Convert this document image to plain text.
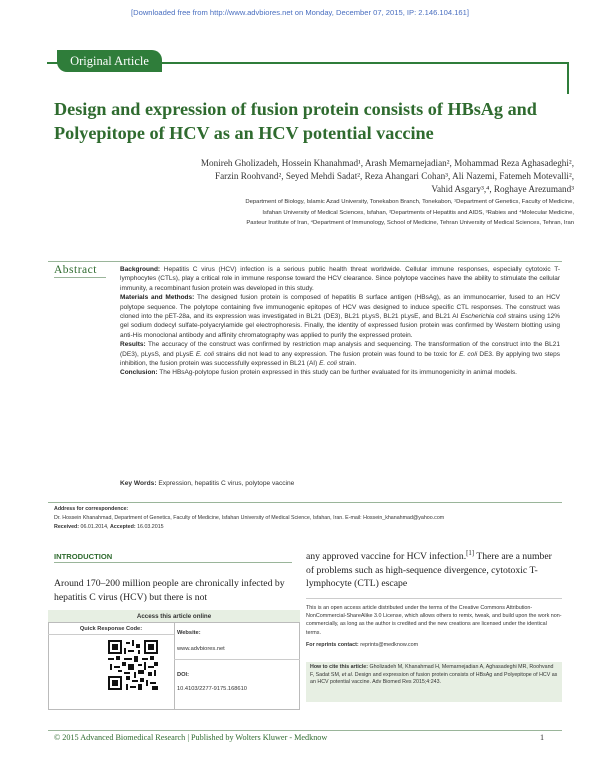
[Downloaded free from http://www.advbiores.net on Monday, December 07, 2015, IP: 2.146.104.161]
Original Article
Design and expression of fusion protein consists of HBsAg and Polyepitope of HCV as an HCV potential vaccine
Monireh Gholizadeh, Hossein Khanahmad¹, Arash Memarnejadian², Mohammad Reza Aghasadeghi²,
Farzin Roohvand², Seyed Mehdi Sadat², Reza Ahangari Cohan³, Ali Nazemi, Fatemeh Motevalli²,
Vahid Asgary³,⁴, Roghaye Arezumand³
Department of Biology, Islamic Azad University, Tonekabon Branch, Tonekabon, ¹Department of Genetics, Faculty of Medicine,
Isfahan University of Medical Sciences, Isfahan, ²Departments of Hepatitis and AIDS, ³Rabies and ⁴Molecular Medicine,
Pasteur Institute of Iran, ⁴Department of Immunology, School of Medicine, Tehran University of Medical Sciences, Tehran, Iran
Abstract	Background: Hepatitis C virus (HCV) infection is a serious public health threat worldwide. Cellular immune responses, especially cytotoxic T-lymphocytes (CTLs), play a critical role in immune response toward the HCV clearance. Since polytope vaccines have the ability to stimulate the cellular immunity, a recombinant fusion protein was developed in this study.

Materials and Methods: The designed fusion protein is composed of hepatitis B surface antigen (HBsAg), as an immunocarrier, fused to an HCV polytope sequence. The polytope containing five immunogenic epitopes of HCV was designed to induce specific CTL responses. The construct was cloned into the pET-28a, and its expression was investigated in BL21 (DE3), BL21 pLysS, BL21 pLysE, and BL21 AI Escherichia coli strains using 12% gel sodium dodecyl sulfate-polyacrylamide gel electrophoresis. Finally, the identity of expressed fusion protein was confirmed by Western blotting using anti-His monoclonal antibody and affinity chromatography was applied to purify the expressed protein.

Results: The accuracy of the construct was confirmed by restriction map analysis and sequencing. The transformation of the construct into the BL21 (DE3), pLysS, and pLysE E. coli strains did not lead to any expression. The fusion protein was found to be toxic for E. coli DE3. By applying two steps inhibition, the fusion protein was successfully expressed in BL21 (AI) E. coli strain.

Conclusion: The HBsAg-polytope fusion protein expressed in this study can be further evaluated for its immunogenicity in animal models.

Key Words: Expression, hepatitis C virus, polytope vaccine
Address for correspondence:
Dr. Hossein Khanahmad, Department of Genetics, Faculty of Medicine, Isfahan University of Medical Science, Isfahan, Iran. E-mail: Hossein_khanahmad@yahoo.com
Received: 06.01.2014, Accepted: 16.03.2015
INTRODUCTION
Around 170–200 million people are chronically infected by hepatitis C virus (HCV) but there is not
any approved vaccine for HCV infection.[1] There are a number of problems such as high-sequence divergence, cytotoxic T-lymphocyte (CTL) escape
This is an open access article distributed under the terms of the Creative Commons Attribution-NonCommercial-ShareAlike 3.0 License, which allows others to remix, tweak, and build upon the work non-commercially, as long as the author is credited and the new creations are licensed under the identical terms.
For reprints contact: reprints@medknow.com
How to cite this article: Gholizadeh M, Khanahmad H, Memarnejadian A, Aghasadeghi MR, Roohvand F, Sadat SM, et al. Design and expression of fusion protein consists of HBsAg and Polyepitope of HCV as an HCV potential vaccine. Adv Biomed Res 2015;4:243.
Access this article online
Quick Response Code:
Website:
www.advbiores.net
DOI:
10.4103/2277-9175.168610
© 2015 Advanced Biomedical Research | Published by Wolters Kluwer - Medknow	1
